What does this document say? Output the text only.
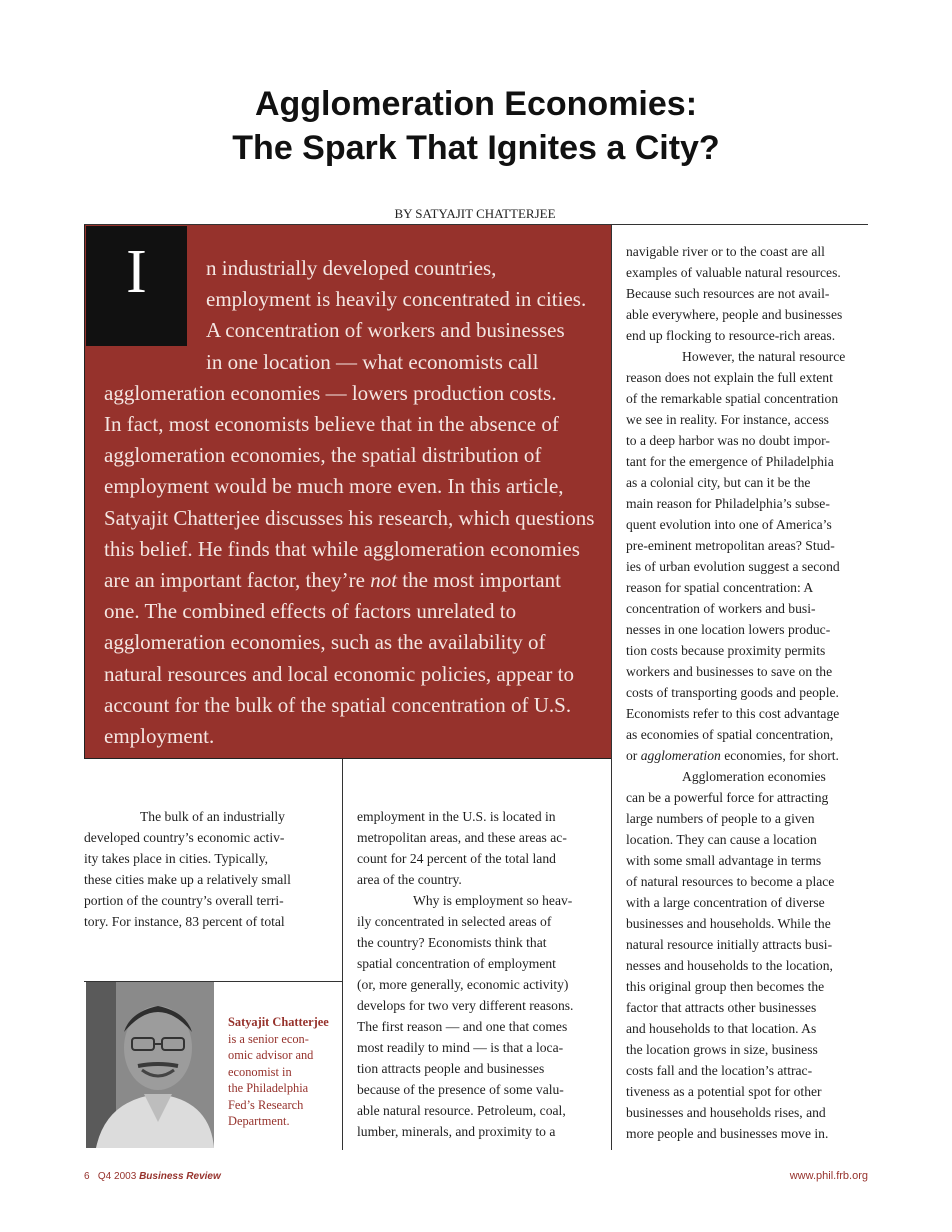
Agglomeration Economies:
The Spark That Ignites a City?
BY SATYAJIT CHATTERJEE
I	n industrially developed countries,
employment is heavily concentrated in cities.
A concentration of workers and businesses
in one location — what economists call
agglomeration economies — lowers production costs.
In fact, most economists believe that in the absence of
agglomeration economies, the spatial distribution of
employment would be much more even. In this article,
Satyajit Chatterjee discusses his research, which questions
this belief. He finds that while agglomeration economies
are an important factor, they’re not the most important
one. The combined effects of factors unrelated to
agglomeration economies, such as the availability of
natural resources and local economic policies, appear to
account for the bulk of the spatial concentration of U.S.
employment.
The bulk of an industrially
developed country’s economic activ-
ity takes place in cities. Typically,
these cities make up a relatively small
portion of the country’s overall terri-
tory. For instance, 83 percent of total
Satyajit Chatterjee
is a senior econ-
omic advisor and
economist in
the Philadelphia
Fed’s Research
Department.
employment in the U.S. is located in
metropolitan areas, and these areas ac-
count for 24 percent of the total land
area of the country.
Why is employment so heav-
ily concentrated in selected areas of
the country? Economists think that
spatial concentration of employment
(or, more generally, economic activity)
develops for two very different reasons.
The first reason — and one that comes
most readily to mind — is that a loca-
tion attracts people and businesses
because of the presence of some valu-
able natural resource. Petroleum, coal,
lumber, minerals, and proximity to a
navigable river or to the coast are all
examples of valuable natural resources.
Because such resources are not avail-
able everywhere, people and businesses
end up flocking to resource-rich areas.
However, the natural resource
reason does not explain the full extent
of the remarkable spatial concentration
we see in reality. For instance, access
to a deep harbor was no doubt impor-
tant for the emergence of Philadelphia
as a colonial city, but can it be the
main reason for Philadelphia’s subse-
quent evolution into one of America’s
pre-eminent metropolitan areas? Stud-
ies of urban evolution suggest a second
reason for spatial concentration: A
concentration of workers and busi-
nesses in one location lowers produc-
tion costs because proximity permits
workers and businesses to save on the
costs of transporting goods and people.
Economists refer to this cost advantage
as economies of spatial concentration,
or agglomeration economies, for short.
Agglomeration economies
can be a powerful force for attracting
large numbers of people to a given
location. They can cause a location
with some small advantage in terms
of natural resources to become a place
with a large concentration of diverse
businesses and households. While the
natural resource initially attracts busi-
nesses and households to the location,
this original group then becomes the
factor that attracts other businesses
and households to that location. As
the location grows in size, business
costs fall and the location’s attrac-
tiveness as a potential spot for other
businesses and households rises, and
more people and businesses move in.
6 Q4 2003 Business Review	www.phil.frb.org
